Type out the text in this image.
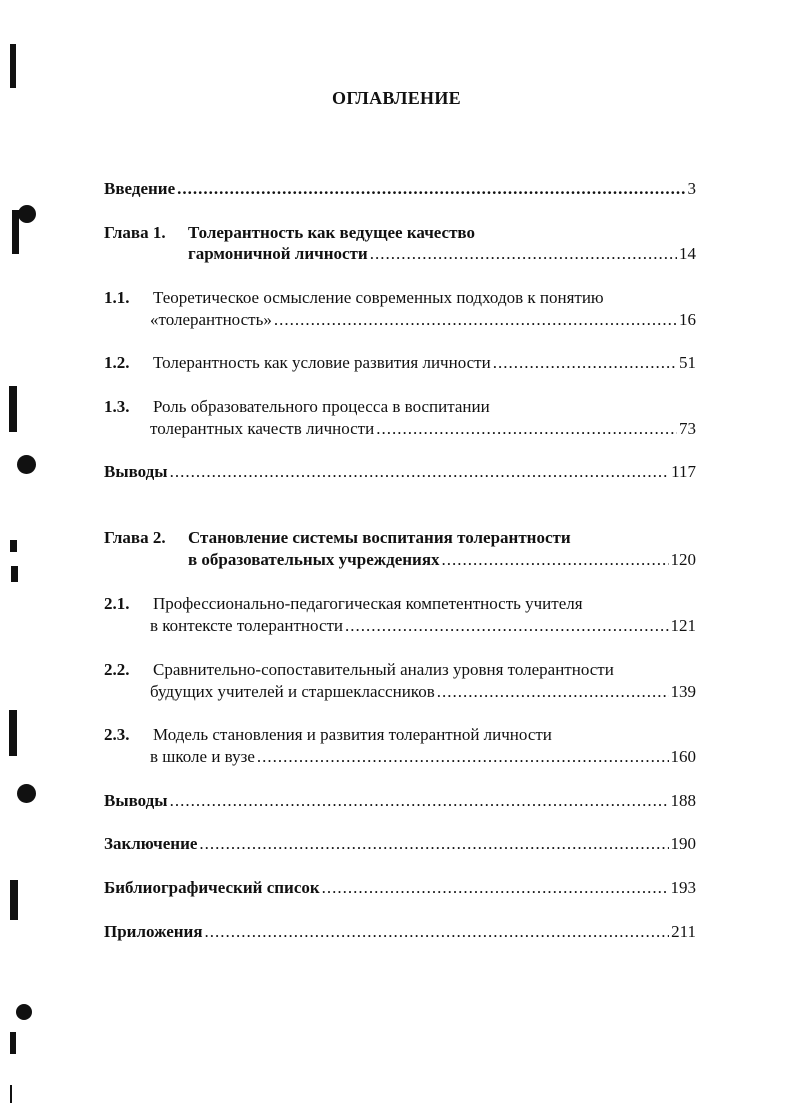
ОГЛАВЛЕНИЕ
Введение .....	3
Глава 1. Толерантность как ведущее качество
гармоничной личности .....	14
1.1. Теоретическое осмысление современных подходов к понятию
«толерантность» .....	16
1.2. Толерантность как условие развития личности .....	51
1.3. Роль образовательного процесса в воспитании
толерантных качеств личности .....	73
Выводы .....	117
Глава 2. Становление системы воспитания толерантности
в образовательных учреждениях .....	120
2.1. Профессионально-педагогическая компетентность учителя
в контексте толерантности .....	121
2.2. Сравнительно-сопоставительный анализ уровня толерантности
будущих учителей и старшеклассников .....	139
2.3. Модель становления и развития толерантной личности
в школе и вузе .....	160
Выводы .....	188
Заключение .....	190
Библиографический список .....	193
Приложения .....	211
